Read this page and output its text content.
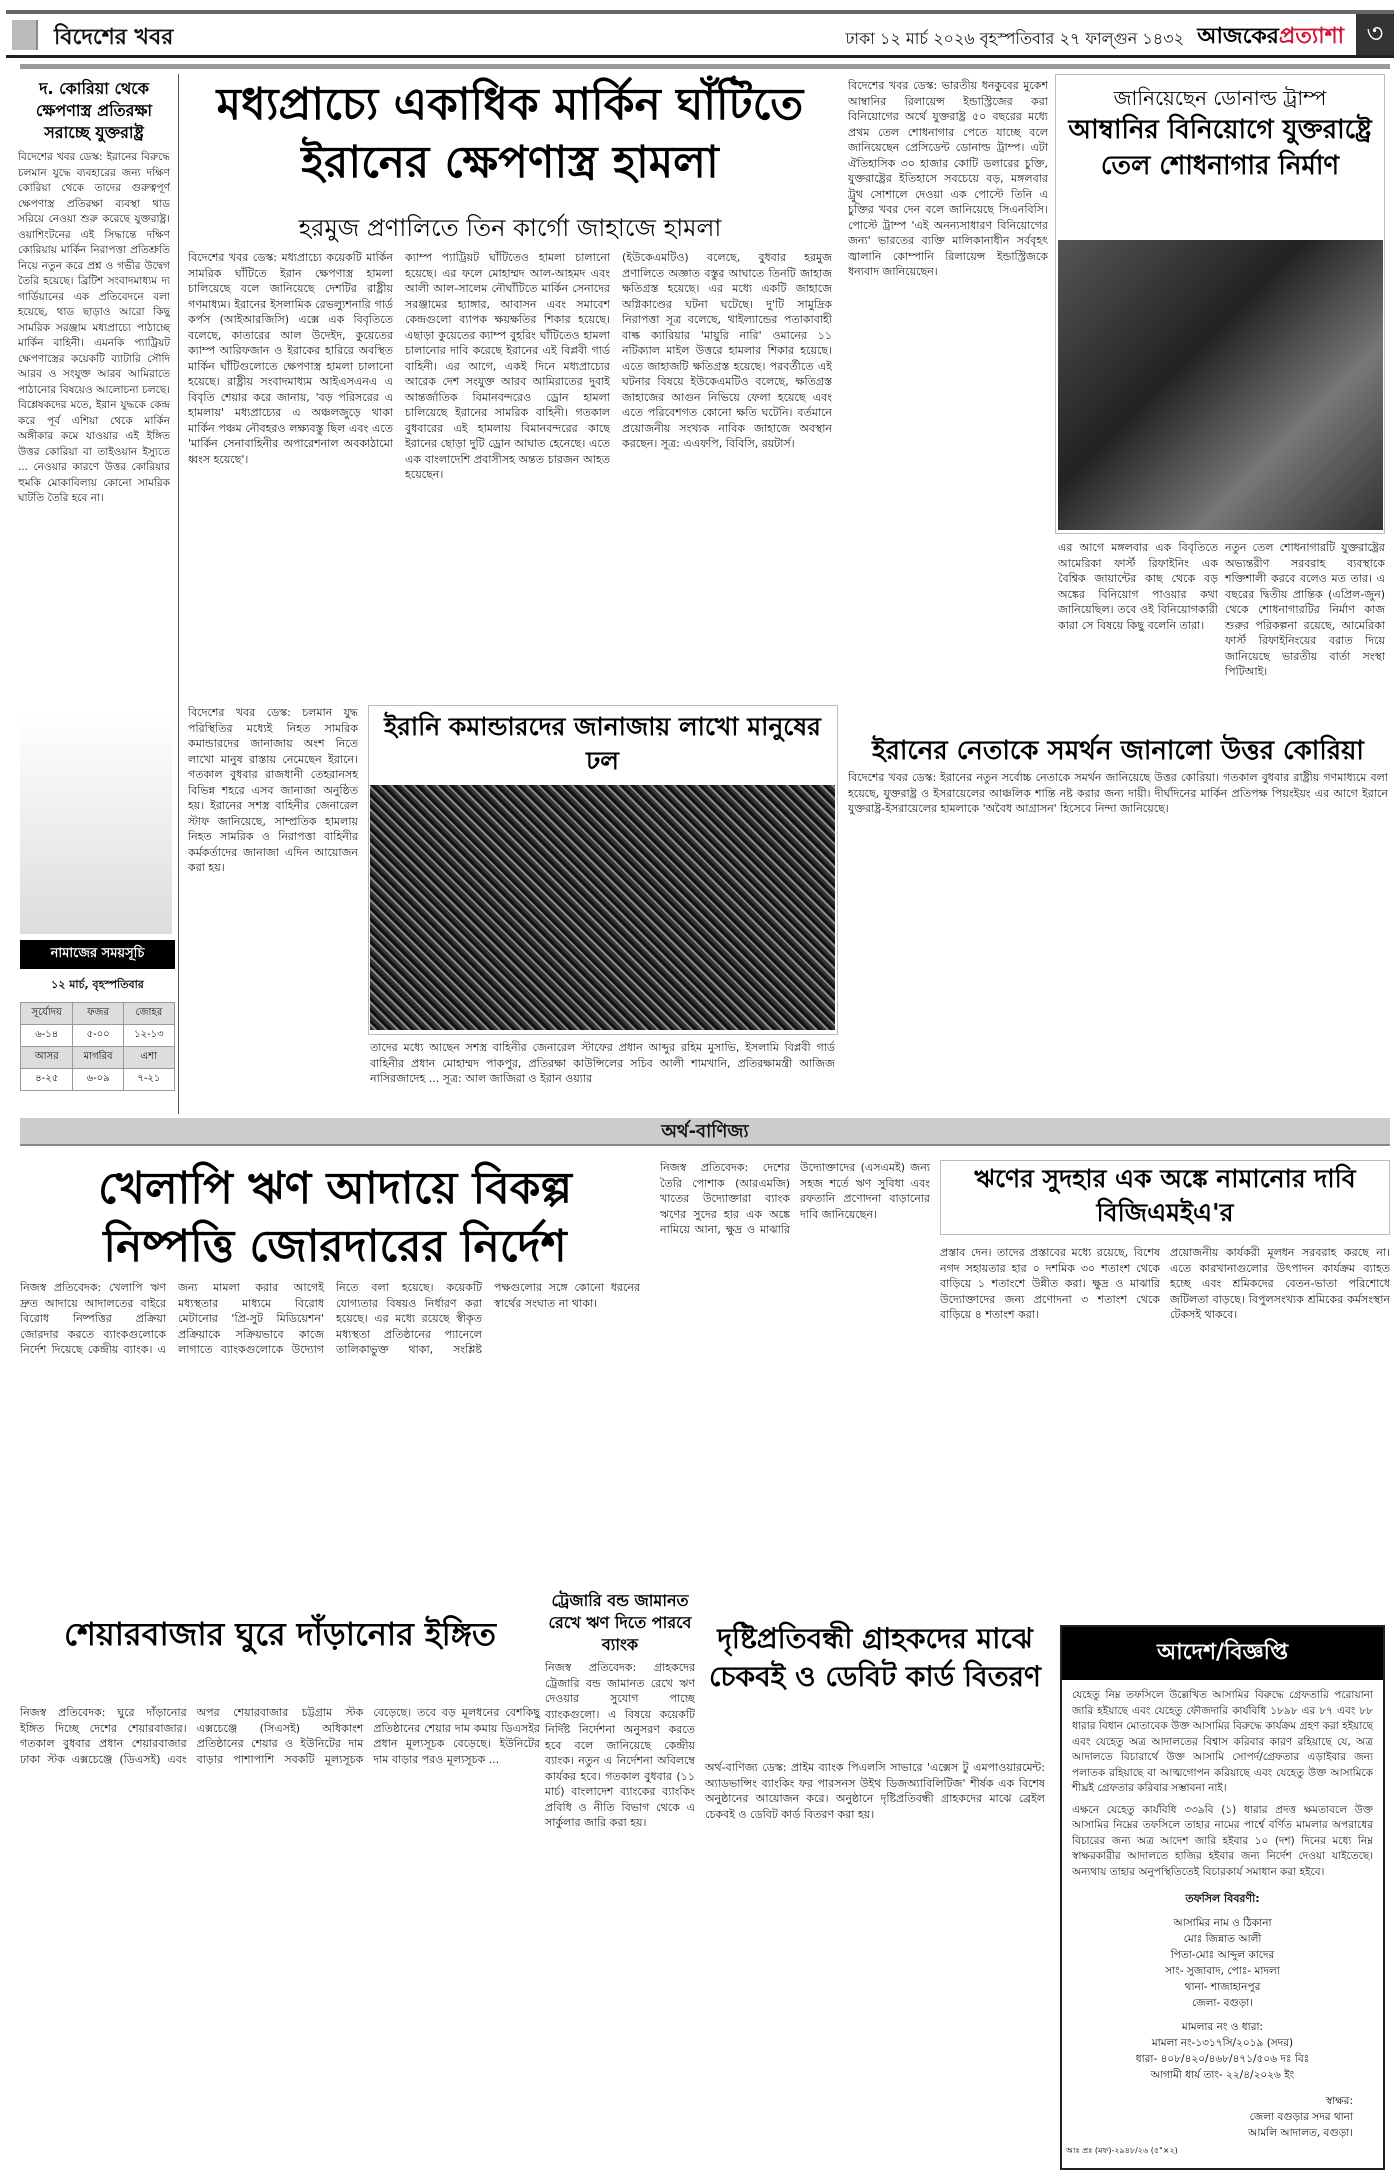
বিদেশের খবর	ঢাকা ১২ মার্চ ২০২৬ বৃহস্পতিবার ২৭ ফাল্গুন ১৪৩২ আজকেরপ্রত্যাশা ৩
দ. কোরিয়া থেকে ক্ষেপণাস্ত্র প্রতিরক্ষা সরাচ্ছে যুক্তরাষ্ট্র
বিদেশের খবর ডেস্ক: ইরানের বিরুদ্ধে চলমান যুদ্ধে ব্যবহারের জন্য দক্ষিণ কোরিয়া থেকে তাদের গুরুত্বপূর্ণ ক্ষেপণাস্ত্র প্রতিরক্ষা ব্যবস্থা থাড সরিয়ে নেওয়া শুরু করেছে যুক্তরাষ্ট্র। ওয়াশিংটনের এই সিদ্ধান্তে দক্ষিণ কোরিয়ায় মার্কিন নিরাপত্তা প্রতিশ্রুতি নিয়ে নতুন করে প্রশ্ন ও গভীর উদ্বেগ তৈরি হয়েছে। ব্রিটিশ সংবাদমাধ্যম দ্য গার্ডিয়ানের এক প্রতিবেদনে বলা হয়েছে, থাড ছাড়াও আরো কিছু সামরিক সরঞ্জাম মধ্যপ্রাচ্যে পাঠাচ্ছে মার্কিন বাহিনী। এমনকি প্যাট্রিয়ট ক্ষেপণাস্ত্রের কয়েকটি ব্যাটারি সৌদি আরব ও সংযুক্ত আরব আমিরাতে পাঠানোর বিষয়েও আলোচনা চলছে। বিশ্লেষকদের মতে, ইরান যুদ্ধকে কেন্দ্র করে পূর্ব এশিয়া থেকে মার্কিন অঙ্গীকার কমে যাওয়ার এই ইঙ্গিত উত্তর কোরিয়া বা তাইওয়ান ইস্যুতে ... নেওয়ার কারণে উত্তর কোরিয়ার হুমকি মোকাবিলায় কোনো সামরিক ঘাটতি তৈরি হবে না।
মধ্যপ্রাচ্যে একাধিক মার্কিন ঘাঁটিতে
ইরানের ক্ষেপণাস্ত্র হামলা
হরমুজ প্রণালিতে তিন কার্গো জাহাজে হামলা
বিদেশের খবর ডেস্ক: মধ্যপ্রাচ্যে কয়েকটি মার্কিন সামরিক ঘাঁটিতে ইরান ক্ষেপণাস্ত্র হামলা চালিয়েছে বলে জানিয়েছে দেশটির রাষ্ট্রীয় গণমাধ্যম। ইরানের ইসলামিক রেভল্যুশনারি গার্ড কর্পস (আইআরজিসি) এক্সে এক বিবৃতিতে বলেছে, কাতারের আল উদেইদ, কুয়েতের ক্যাম্প আরিফজান ও ইরাকের হারিরে অবস্থিত মার্কিন ঘাঁটিগুলোতে ক্ষেপণাস্ত্র হামলা চালানো হয়েছে। রাষ্ট্রীয় সংবাদমাধ্যম আইএসএনএ এ বিবৃতি শেয়ার করে জানায়, 'বড় পরিসরের এ হামলায়' মধ্যপ্রাচ্যের এ অঞ্চলজুড়ে থাকা মার্কিন পঞ্চম নৌবহরও লক্ষ্যবস্তু ছিল এবং এতে 'মার্কিন সেনাবাহিনীর অপারেশনাল অবকাঠামো ধ্বংস হয়েছে'।
ক্যাম্প প্যাট্রিয়ট ঘাঁটিতেও হামলা চালানো হয়েছে। এর ফলে মোহাম্মদ আল-আহমদ এবং আলী আল-সালেম নৌঘাঁটিতে মার্কিন সেনাদের সরঞ্জামের হ্যাঙ্গার, আবাসন এবং সমাবেশ কেন্দ্রগুলো ব্যাপক ক্ষয়ক্ষতির শিকার হয়েছে। এছাড়া কুয়েতের ক্যাম্প বুহরিং ঘাঁটিতেও হামলা চালানোর দাবি করেছে ইরানের এই বিপ্লবী গার্ড বাহিনী। এর আগে, একই দিনে মধ্যপ্রাচ্যের আরেক দেশ সংযুক্ত আরব আমিরাতের দুবাই আন্তর্জাতিক বিমানবন্দরেও ড্রোন হামলা চালিয়েছে ইরানের সামরিক বাহিনী। গতকাল বুধবারের এই হামলায় বিমানবন্দরের কাছে ইরানের ছোড়া দুটি ড্রোন আঘাত হেনেছে। এতে এক বাংলাদেশি প্রবাসীসহ অন্তত চারজন আহত হয়েছেন।
(ইউকেএমটিও) বলেছে, বুধবার হরমুজ প্রণালিতে অজ্ঞাত বস্তুর আঘাতে তিনটি জাহাজ ক্ষতিগ্রস্ত হয়েছে। এর মধ্যে একটি জাহাজে অগ্নিকাণ্ডের ঘটনা ঘটেছে। দু'টি সামুদ্রিক নিরাপত্তা সূত্র বলেছে, থাইল্যান্ডের পতাকাবাহী বাল্ক ক্যারিয়ার 'মায়ুরি নারি' ওমানের ১১ নটিক্যাল মাইল উত্তরে হামলার শিকার হয়েছে। এতে জাহাজটি ক্ষতিগ্রস্ত হয়েছে। পরবর্তীতে এই ঘটনার বিষয়ে ইউকেএমটিও বলেছে, ক্ষতিগ্রস্ত জাহাজের আগুন নিভিয়ে ফেলা হয়েছে এবং এতে পরিবেশগত কোনো ক্ষতি ঘটেনি। বর্তমানে প্রয়োজনীয় সংখ্যক নাবিক জাহাজে অবস্থান করছেন। সূত্র: এএফপি, বিবিসি, রয়টার্স।
বিদেশের খবর ডেস্ক: ভারতীয় ধনকুবের মুকেশ আম্বানির রিলায়েন্স ইন্ডাস্ট্রিজের করা বিনিয়োগের অর্থে যুক্তরাষ্ট্র ৫০ বছরের মধ্যে প্রথম তেল শোধনাগার পেতে যাচ্ছে বলে জানিয়েছেন প্রেসিডেন্ট ডোনাল্ড ট্রাম্প। এটা ঐতিহাসিক ৩০ হাজার কোটি ডলারের চুক্তি, যুক্তরাষ্ট্রের ইতিহাসে সবচেয়ে বড়, মঙ্গলবার ট্রুথ সোশালে দেওয়া এক পোস্টে তিনি এ চুক্তির খবর দেন বলে জানিয়েছে সিএনবিসি। পোস্টে ট্রাম্প 'এই অনন্যসাধারণ বিনিয়োগের জন্য' ভারতের ব্যক্তি মালিকানাধীন সর্ববৃহৎ জ্বালানি কোম্পানি রিলায়েন্স ইন্ডাস্ট্রিজকে ধন্যবাদ জানিয়েছেন।
জানিয়েছেন ডোনাল্ড ট্রাম্প
আম্বানির বিনিয়োগে যুক্তরাষ্ট্রে তেল শোধনাগার নির্মাণ
এর আগে মঙ্গলবার এক বিবৃতিতে আমেরিকা ফার্স্ট রিফাইনিং এক বৈশ্বিক জায়ান্টের কাছ থেকে বড় অঙ্কের বিনিয়োগ পাওয়ার কথা জানিয়েছিল। তবে ওই বিনিয়োগকারী কারা সে বিষয়ে কিছু বলেনি তারা।
নতুন তেল শোধনাগারটি যুক্তরাষ্ট্রের অভ্যন্তরীণ সরবরাহ ব্যবস্থাকে শক্তিশালী করবে বলেও মত তার। এ বছরের দ্বিতীয় প্রান্তিক (এপ্রিল-জুন) থেকে শোধনাগারটির নির্মাণ কাজ শুরুর পরিকল্পনা রয়েছে, আমেরিকা ফার্স্ট রিফাইনিংয়ের বরাত দিয়ে জানিয়েছে ভারতীয় বার্তা সংস্থা পিটিআই।
নামাজের সময়সূচি
১২ মার্চ, বৃহস্পতিবার
সূর্যোদয়	ফজর	জোহর
৬-১৪	৫-০০	১২-১৩
আসর	মাগরিব	এশা
৪-২৫	৬-০৯	৭-২১
বিদেশের খবর ডেস্ক: চলমান যুদ্ধ পরিস্থিতির মধ্যেই নিহত সামরিক কমান্ডারদের জানাজায় অংশ নিতে লাখো মানুষ রাস্তায় নেমেছেন ইরানে। গতকাল বুধবার রাজধানী তেহরানসহ বিভিন্ন শহরে এসব জানাজা অনুষ্ঠিত হয়। ইরানের সশস্ত্র বাহিনীর জেনারেল স্টাফ জানিয়েছে, সাম্প্রতিক হামলায় নিহত সামরিক ও নিরাপত্তা বাহিনীর কর্মকর্তাদের জানাজা এদিন আয়োজন করা হয়।
ইরানি কমান্ডারদের জানাজায় লাখো মানুষের ঢল
তাদের মধ্যে আছেন সশস্ত্র বাহিনীর জেনারেল স্টাফের প্রধান আব্দুর রহিম মুসাভি, ইসলামি বিপ্লবী গার্ড বাহিনীর প্রধান মোহাম্মদ পাকপুর, প্রতিরক্ষা কাউন্সিলের সচিব আলী শামখানি, প্রতিরক্ষামন্ত্রী আজিজ নাসিরজাদেহ ... সূত্র: আল জাজিরা ও ইরান ওয়্যার
ইরানের নেতাকে সমর্থন জানালো উত্তর কোরিয়া
বিদেশের খবর ডেস্ক: ইরানের নতুন সর্বোচ্চ নেতাকে সমর্থন জানিয়েছে উত্তর কোরিয়া। গতকাল বুধবার রাষ্ট্রীয় গণমাধ্যমে বলা হয়েছে, যুক্তরাষ্ট্র ও ইসরায়েলের আঞ্চলিক শান্তি নষ্ট করার জন্য দায়ী। দীর্ঘদিনের মার্কিন প্রতিপক্ষ পিয়ংইয়ং এর আগে ইরানে যুক্তরাষ্ট্র-ইসরায়েলের হামলাকে 'অবৈধ আগ্রাসন' হিসেবে নিন্দা জানিয়েছে।
অর্থ-বাণিজ্য
খেলাপি ঋণ আদায়ে বিকল্প
নিষ্পত্তি জোরদারের নির্দেশ
নিজস্ব প্রতিবেদক: খেলাপি ঋণ দ্রুত আদায়ে আদালতের বাইরে বিরোধ নিষ্পত্তির প্রক্রিয়া জোরদার করতে ব্যাংকগুলোকে নির্দেশ দিয়েছে কেন্দ্রীয় ব্যাংক। এ জন্য মামলা করার আগেই মধ্যস্থতার মাধ্যমে বিরোধ মেটানোর 'প্রি-সুট মিডিয়েশন' প্রক্রিয়াকে সক্রিয়ভাবে কাজে লাগাতে ব্যাংকগুলোকে উদ্যোগ নিতে বলা হয়েছে। কয়েকটি যোগ্যতার বিষয়ও নির্ধারণ করা হয়েছে। এর মধ্যে রয়েছে স্বীকৃত মধ্যস্থতা প্রতিষ্ঠানের প্যানেলে তালিকাভুক্ত থাকা, সংশ্লিষ্ট পক্ষগুলোর সঙ্গে কোনো ধরনের স্বার্থের সংঘাত না থাকা।
নিজস্ব প্রতিবেদক: দেশের তৈরি পোশাক (আরএমজি) খাতের উদ্যোক্তারা ব্যাংক ঋণের সুদের হার এক অঙ্কে নামিয়ে আনা, ক্ষুদ্র ও মাঝারি উদ্যোক্তাদের (এসএমই) জন্য সহজ শর্তে ঋণ সুবিধা এবং রফতানি প্রণোদনা বাড়ানোর দাবি জানিয়েছেন।
ঋণের সুদহার এক অঙ্কে নামানোর দাবি বিজিএমইএ'র
প্রস্তাব দেন। তাদের প্রস্তাবের মধ্যে রয়েছে, বিশেষ নগদ সহায়তার হার ০ দশমিক ৩০ শতাংশ থেকে বাড়িয়ে ১ শতাংশে উন্নীত করা। ক্ষুদ্র ও মাঝারি উদ্যোক্তাদের জন্য প্রণোদনা ৩ শতাংশ থেকে বাড়িয়ে ৪ শতাংশ করা।
প্রয়োজনীয় কার্যকরী মূলধন সরবরাহ করছে না। এতে কারখানাগুলোর উৎপাদন কার্যক্রম ব্যাহত হচ্ছে এবং শ্রমিকদের বেতন-ভাতা পরিশোধে জটিলতা বাড়ছে। বিপুলসংখ্যক শ্রমিকের কর্মসংস্থান টেকসই থাকবে।
শেয়ারবাজার ঘুরে দাঁড়ানোর ইঙ্গিত
নিজস্ব প্রতিবেদক: ঘুরে দাঁড়ানোর ইঙ্গিত দিচ্ছে দেশের শেয়ারবাজার। গতকাল বুধবার প্রধান শেয়ারবাজার ঢাকা স্টক এক্সচেঞ্জে (ডিএসই) এবং অপর শেয়ারবাজার চট্টগ্রাম স্টক এক্সচেঞ্জে (সিএসই) অধিকাংশ প্রতিষ্ঠানের শেয়ার ও ইউনিটের দাম বাড়ার পাশাপাশি সবকটি মূল্যসূচক বেড়েছে। তবে বড় মূলধনের বেশকিছু প্রতিষ্ঠানের শেয়ার দাম কমায় ডিএসইর প্রধান মূল্যসূচক বেড়েছে। ইউনিটের দাম বাড়ার পরও মূল্যসূচক ...
ট্রেজারি বন্ড জামানত রেখে ঋণ দিতে পারবে ব্যাংক
নিজস্ব প্রতিবেদক: গ্রাহকদের ট্রেজারি বন্ড জামানত রেখে ঋণ দেওয়ার সুযোগ পাচ্ছে ব্যাংকগুলো। এ বিষয়ে কয়েকটি নির্দিষ্ট নির্দেশনা অনুসরণ করতে হবে বলে জানিয়েছে কেন্দ্রীয় ব্যাংক। নতুন এ নির্দেশনা অবিলম্বে কার্যকর হবে। গতকাল বুধবার (১১ মার্চ) বাংলাদেশ ব্যাংকের ব্যাংকিং প্রবিধি ও নীতি বিভাগ থেকে এ সার্কুলার জারি করা হয়।
দৃষ্টিপ্রতিবন্ধী গ্রাহকদের মাঝে চেকবই ও ডেবিট কার্ড বিতরণ
অর্থ-বাণিজ্য ডেস্ক: প্রাইম ব্যাংক পিএলসি সাভারে 'এক্সেস টু এমপাওয়ারমেন্ট: অ্যাডভান্সিং ব্যাংকিং ফর পারসনস উইথ ডিজঅ্যাবিলিটিজ' শীর্ষক এক বিশেষ অনুষ্ঠানের আয়োজন করে। অনুষ্ঠানে দৃষ্টিপ্রতিবন্ধী গ্রাহকদের মাঝে ব্রেইল চেকবই ও ডেবিট কার্ড বিতরণ করা হয়।
আদেশ/বিজ্ঞপ্তি
যেহেতু নিম্ন তফসিলে উল্লেখিত আসামির বিরুদ্ধে গ্রেফতারি পরোয়ানা জারি হইয়াছে এবং যেহেতু ফৌজদারি কার্যবিধি ১৮৯৮ এর ৮৭ এবং ৮৮ ধারার বিধান মোতাবেক উক্ত আসামির বিরুদ্ধে কার্যক্রম গ্রহণ করা হইয়াছে এবং যেহেতু অত্র আদালতের বিশ্বাস করিবার কারণ রহিয়াছে যে, অত্র আদালতে বিচারার্থে উক্ত আসামি সোপর্দ/গ্রেফতার এড়াইবার জন্য পলাতক রহিয়াছে বা আত্মগোপন করিয়াছে এবং যেহেতু উক্ত আসামিকে শীঘ্রই গ্রেফতার করিবার সম্ভাবনা নাই।
এক্ষনে যেহেতু কার্যবিধি ৩৩৯বি (১) ধারার প্রদত্ত ক্ষমতাবলে উক্ত আসামির নিম্নের তফসিলে তাহার নামের পার্শ্বে বর্ণিত মামলার অপরাধের বিচারের জন্য অত্র আদেশ জারি হইবার ১০ (দশ) দিনের মধ্যে নিম্ন স্বাক্ষরকারীর আদালতে হাজির হইবার জন্য নির্দেশ দেওয়া যাইতেছে। অন্যথায় তাহার অনুপস্থিতিতেই বিচারকার্য সমাধান করা হইবে।
তফসিল বিবরণী:
আসামির নাম ও ঠিকানা
মোঃ জিন্নাত আলী
পিতা-মোঃ আব্দুল কাদের
সাং- সুজাবাদ, পোঃ- মাদলা
থানা- শাজাহানপুর
জেলা- বগুড়া।
মামলার নং ও ধারা:
মামলা নং-১৩১৭সি/২০১৯ (সদর)
ধারা- ৪০৮/৪২০/৪৬৮/৪৭১/৫০৬ দঃ বিঃ
আগামী ধার্য তাং- ২২/৪/২০২৬ ইং
স্বাক্ষর:
জেলা বগুড়ার সদর থানা
আমলি আদালত, বগুড়া।
আঃ প্রঃ (মফ)-২৯৪৮/২৬ (৫"×২)
